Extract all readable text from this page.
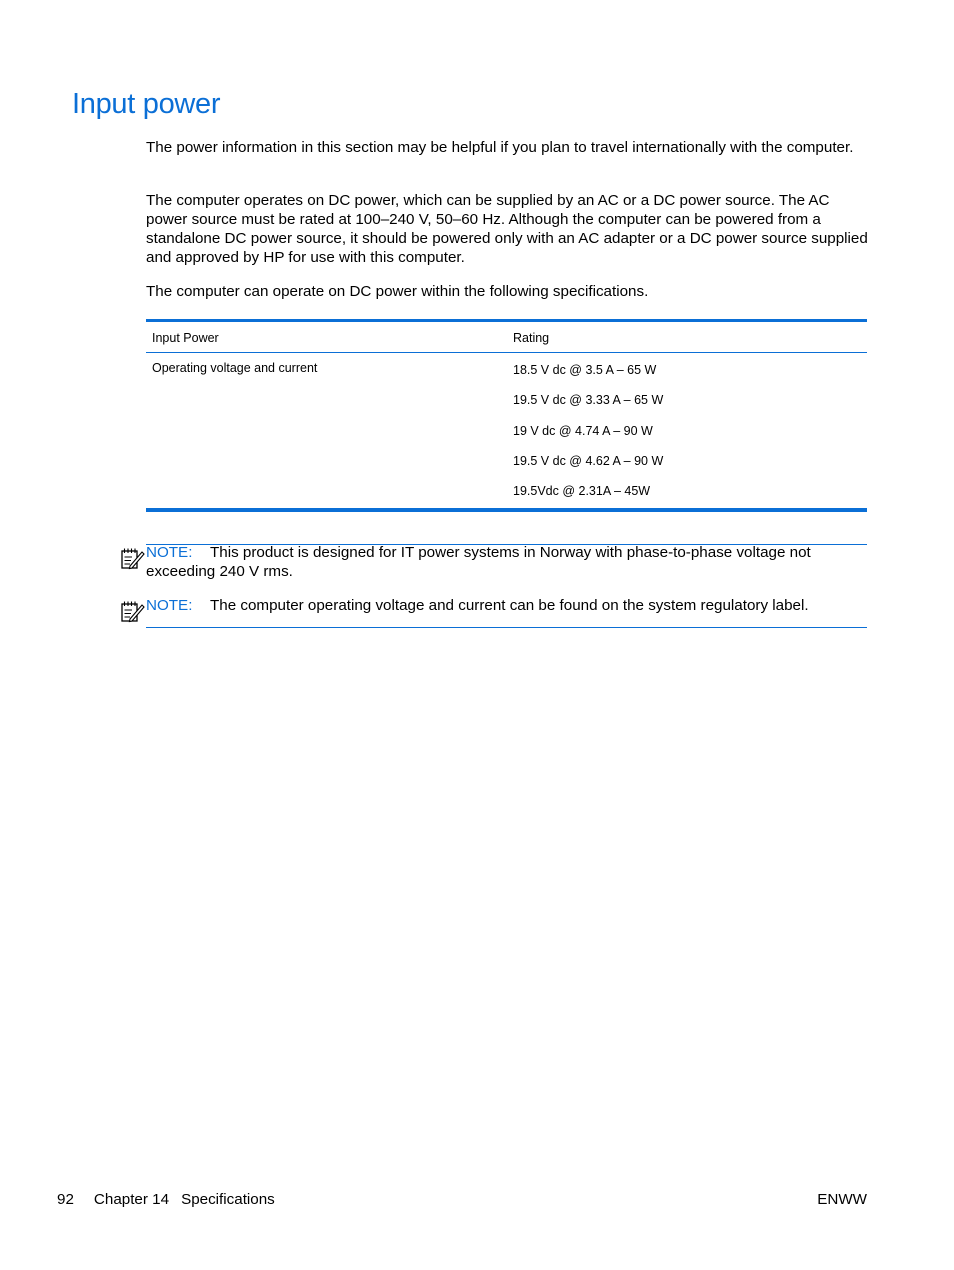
Input power
The power information in this section may be helpful if you plan to travel internationally with the computer.
The computer operates on DC power, which can be supplied by an AC or a DC power source. The AC power source must be rated at 100–240 V, 50–60 Hz. Although the computer can be powered from a standalone DC power source, it should be powered only with an AC adapter or a DC power source supplied and approved by HP for use with this computer.
The computer can operate on DC power within the following specifications.
Input Power	Rating
Operating voltage and current	18.5 V dc @ 3.5 A – 65 W
19.5 V dc @ 3.33 A – 65 W
19 V dc @ 4.74 A – 90 W
19.5 V dc @ 4.62 A – 90 W
19.5Vdc @ 2.31A – 45W
NOTE: This product is designed for IT power systems in Norway with phase-to-phase voltage not exceeding 240 V rms.
NOTE: The computer operating voltage and current can be found on the system regulatory label.
92 Chapter 14 Specifications	ENWW
